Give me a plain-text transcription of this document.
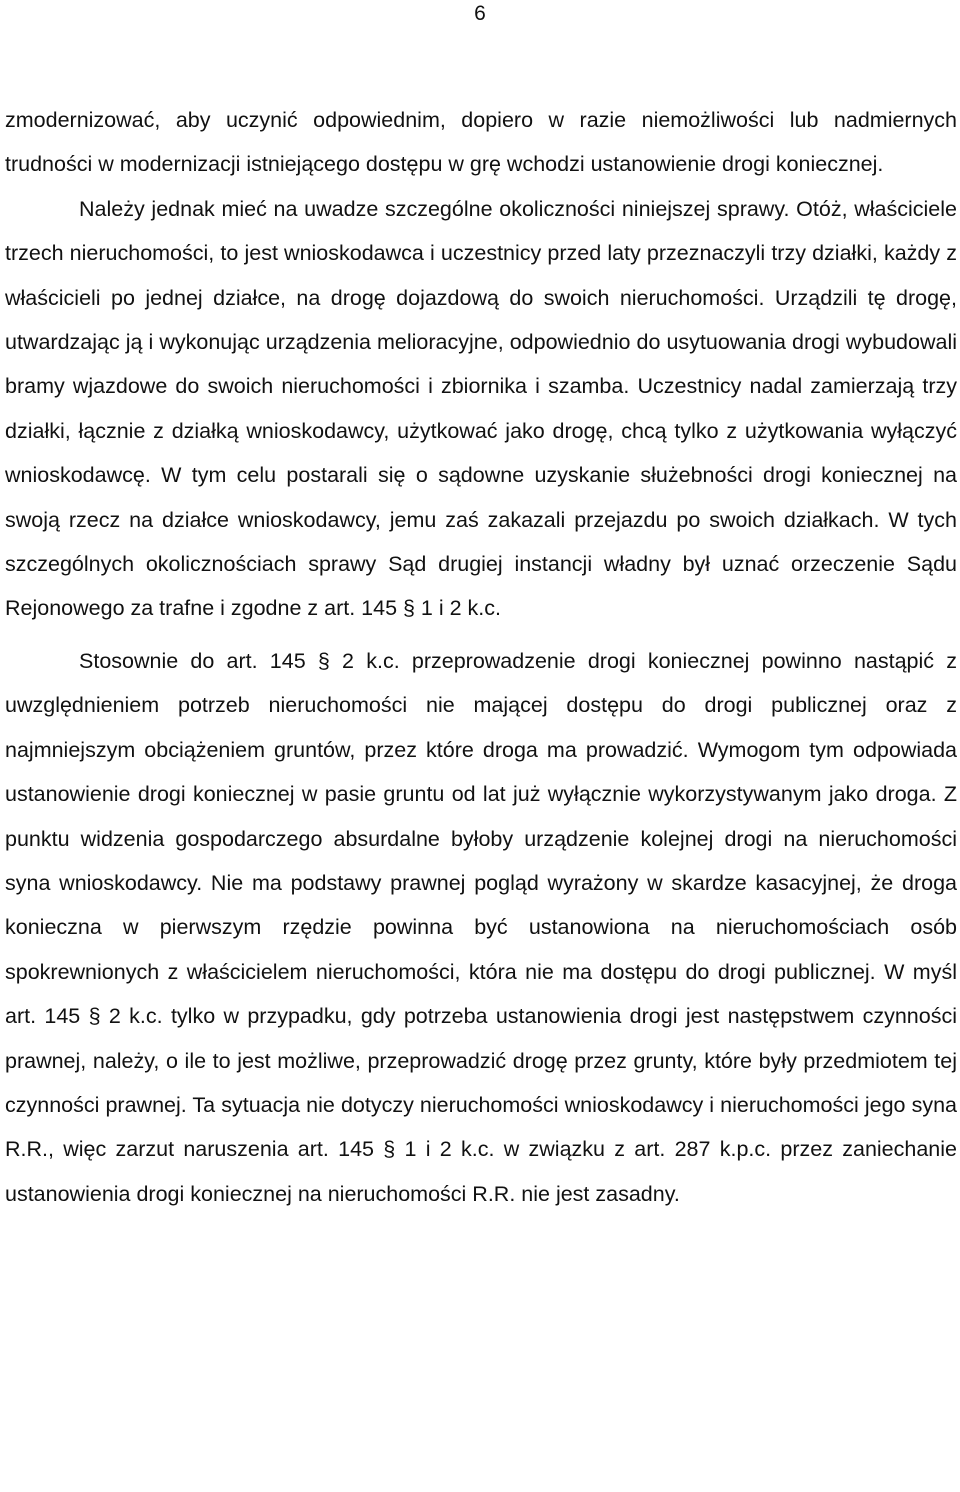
6

zmodernizować, aby uczynić odpowiednim, dopiero w razie niemożliwości lub nadmiernych trudności w modernizacji istniejącego dostępu w grę wchodzi ustanowienie drogi koniecznej.

Należy jednak mieć na uwadze szczególne okoliczności niniejszej sprawy. Otóż, właściciele trzech nieruchomości, to jest wnioskodawca i uczestnicy przed laty przeznaczyli trzy działki, każdy z właścicieli po jednej działce, na drogę dojazdową do swoich nieruchomości. Urządzili tę drogę, utwardzając ją i wykonując urządzenia melioracyjne, odpowiednio do usytuowania drogi wybudowali bramy wjazdowe do swoich nieruchomości i zbiornika i szamba. Uczestnicy nadal zamierzają trzy działki, łącznie z działką wnioskodawcy, użytkować jako drogę, chcą tylko z użytkowania wyłączyć wnioskodawcę. W tym celu postarali się o sądowne uzyskanie służebności drogi koniecznej na swoją rzecz na działce wnioskodawcy, jemu zaś zakazali przejazdu po swoich działkach. W tych szczególnych okolicznościach sprawy Sąd drugiej instancji władny był uznać orzeczenie Sądu Rejonowego za trafne i zgodne z art. 145 § 1 i 2 k.c.

Stosownie do art. 145 § 2 k.c. przeprowadzenie drogi koniecznej powinno nastąpić z uwzględnieniem potrzeb nieruchomości nie mającej dostępu do drogi publicznej oraz z najmniejszym obciążeniem gruntów, przez które droga ma prowadzić. Wymogom tym odpowiada ustanowienie drogi koniecznej w pasie gruntu od lat już wyłącznie wykorzystywanym jako droga. Z punktu widzenia gospodarczego absurdalne byłoby urządzenie kolejnej drogi na nieruchomości syna wnioskodawcy. Nie ma podstawy prawnej pogląd wyrażony w skardze kasacyjnej, że droga konieczna w pierwszym rzędzie powinna być ustanowiona na nieruchomościach osób spokrewnionych z właścicielem nieruchomości, która nie ma dostępu do drogi publicznej. W myśl art. 145 § 2 k.c. tylko w przypadku, gdy potrzeba ustanowienia drogi jest następstwem czynności prawnej, należy, o ile to jest możliwe, przeprowadzić drogę przez grunty, które były przedmiotem tej czynności prawnej. Ta sytuacja nie dotyczy nieruchomości wnioskodawcy i nieruchomości jego syna R.R., więc zarzut naruszenia art. 145 § 1 i 2 k.c. w związku z art. 287 k.p.c. przez zaniechanie ustanowienia drogi koniecznej na nieruchomości R.R. nie jest zasadny.
